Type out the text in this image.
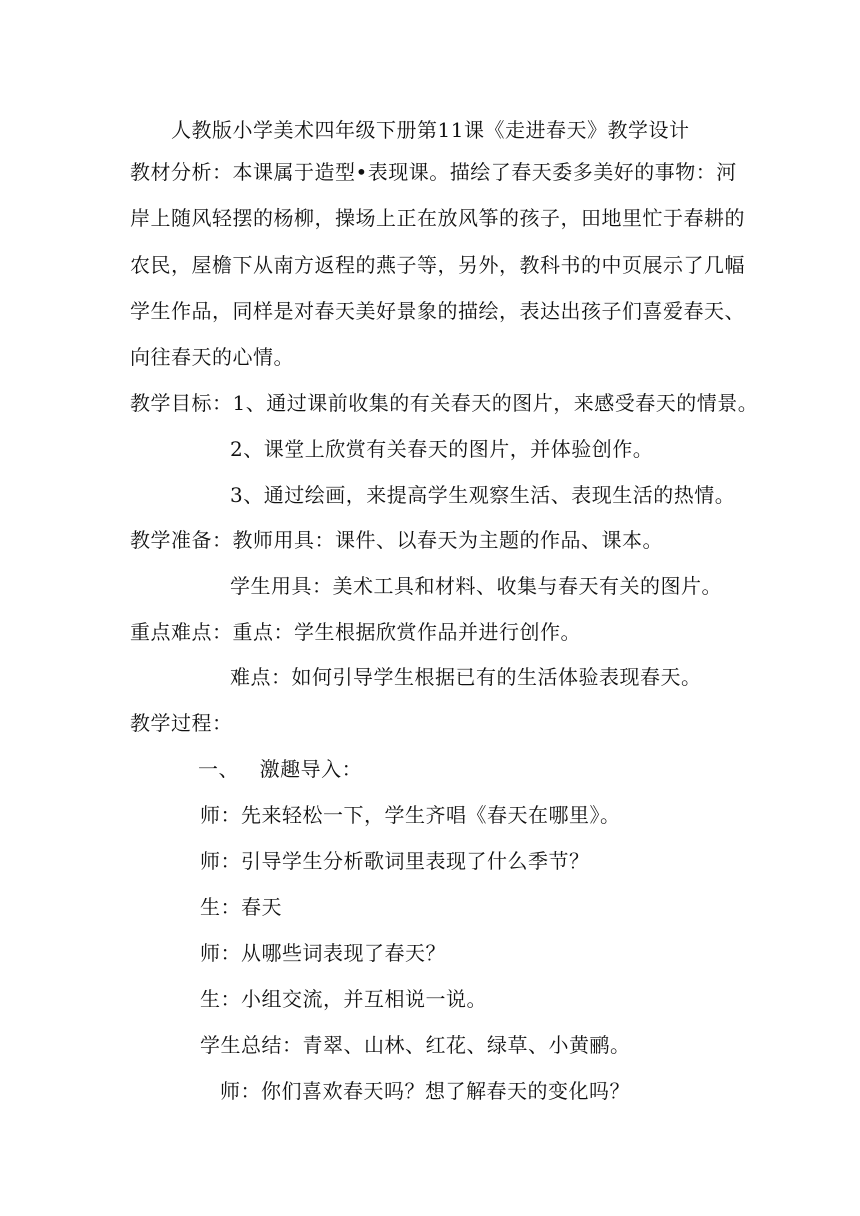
人教版小学美术四年级下册第11课《走进春天》教学设计
教材分析：本课属于造型•表现课。描绘了春天委多美好的事物：河
岸上随风轻摆的杨柳，操场上正在放风筝的孩子，田地里忙于春耕的
农民，屋檐下从南方返程的燕子等，另外，教科书的中页展示了几幅
学生作品，同样是对春天美好景象的描绘，表达出孩子们喜爱春天、
向往春天的心情。
教学目标：1、通过课前收集的有关春天的图片，来感受春天的情景。
2、课堂上欣赏有关春天的图片，并体验创作。
3、通过绘画，来提高学生观察生活、表现生活的热情。
教学准备：教师用具：课件、以春天为主题的作品、课本。
学生用具：美术工具和材料、收集与春天有关的图片。
重点难点：重点：学生根据欣赏作品并进行创作。
难点：如何引导学生根据已有的生活体验表现春天。
教学过程：
一、   激趣导入：
师：先来轻松一下，学生齐唱《春天在哪里》。
师：引导学生分析歌词里表现了什么季节？
生：春天
师：从哪些词表现了春天？
生：小组交流，并互相说一说。
学生总结：青翠、山林、红花、绿草、小黄鹂。
师：你们喜欢春天吗？想了解春天的变化吗？
